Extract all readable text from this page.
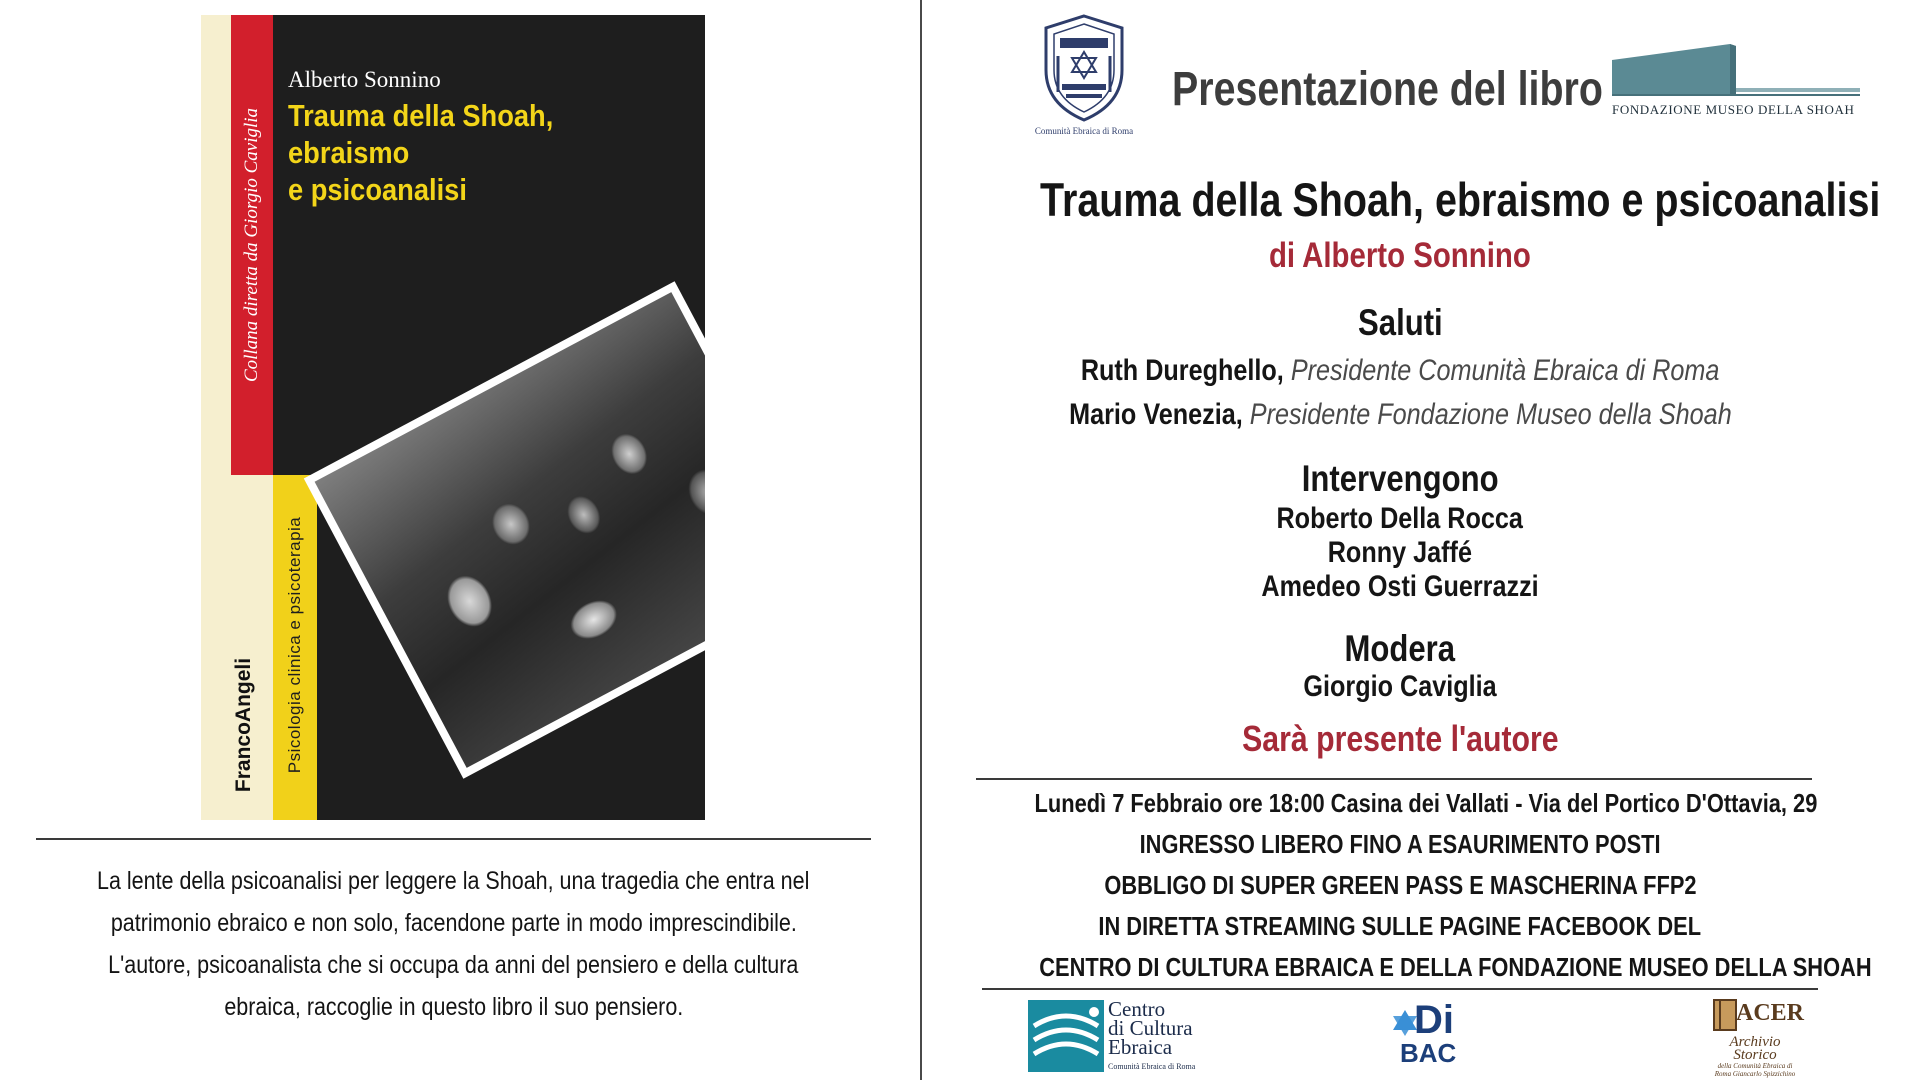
Collana diretta da Giorgio Caviglia
Psicologia clinica e psicoterapia
FrancoAngeli
Alberto Sonnino
Trauma della Shoah,
ebraismo
e psicoanalisi
La lente della psicoanalisi per leggere la Shoah, una tragedia che entra nel
patrimonio ebraico e non solo, facendone parte in modo imprescindibile.
L'autore, psicoanalista che si occupa da anni del pensiero e della cultura
ebraica, raccoglie in questo libro il suo pensiero.
Comunità Ebraica di Roma
Presentazione del libro FONDAZIONE MUSEO DELLA SHOAH
Trauma della Shoah, ebraismo e psicoanalisi
di Alberto Sonnino
Saluti
Ruth Dureghello, Presidente Comunità Ebraica di Roma
Mario Venezia, Presidente Fondazione Museo della Shoah
Intervengono
Roberto Della Rocca
Ronny Jaffé
Amedeo Osti Guerrazzi
Modera
Giorgio Caviglia
Sarà presente l'autore
Lunedì 7 Febbraio ore 18:00 Casina dei Vallati - Via del Portico D'Ottavia, 29
INGRESSO LIBERO FINO A ESAURIMENTO POSTI
OBBLIGO DI SUPER GREEN PASS E MASCHERINA FFP2
IN DIRETTA STREAMING SULLE PAGINE FACEBOOK DEL
CENTRO DI CULTURA EBRAICA E DELLA FONDAZIONE MUSEO DELLA SHOAH
Centro
di Cultura
Ebraica
Comunità Ebraica di Roma
Di
BAC
ACER
Archivio Storico
della Comunità Ebraica di Roma Giancarlo Spizzichino
